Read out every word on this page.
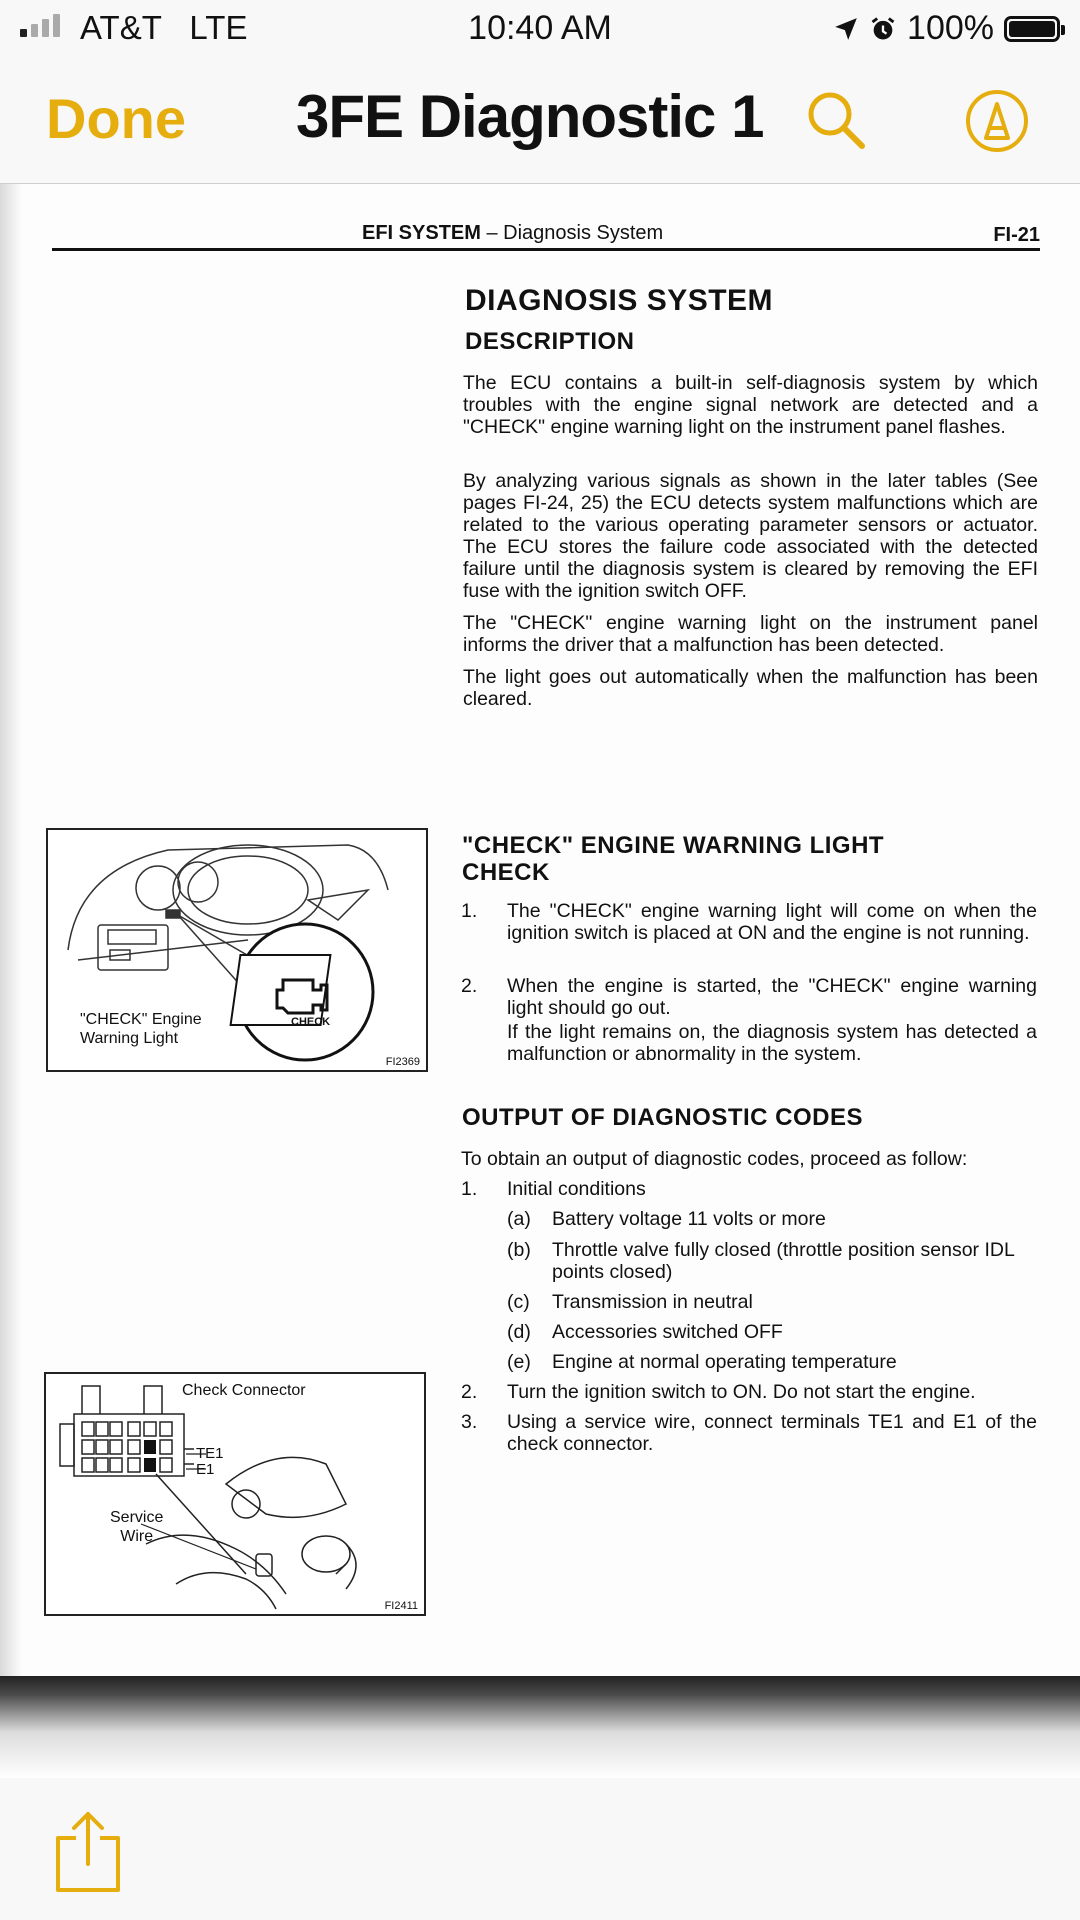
AT&T LTE	10:40 AM	100%
Done 3FE Diagnostic 1
EFI SYSTEM – Diagnosis System	FI-21
DIAGNOSIS SYSTEM
DESCRIPTION

The ECU contains a built-in self-diagnosis system by which troubles with the engine signal network are detected and a "CHECK" engine warning light on the instrument panel flashes.

By analyzing various signals as shown in the later tables (See pages FI-24, 25) the ECU detects system malfunctions which are related to the various operating parameter sensors or actuator. The ECU stores the failure code associated with the detected failure until the diagnosis system is cleared by removing the EFI fuse with the ignition switch OFF.

The "CHECK" engine warning light on the instrument panel informs the driver that a malfunction has been detected.

The light goes out automatically when the malfunction has been cleared.

"CHECK" Engine
Warning Light
CHECK
FI2369
"CHECK" ENGINE WARNING LIGHT
CHECK
1. The "CHECK" engine warning light will come on when the ignition switch is placed at ON and the engine is not running.

2. When the engine is started, the "CHECK" engine warning light should go out.

If the light remains on, the diagnosis system has detected a malfunction or abnormality in the system.

OUTPUT OF DIAGNOSTIC CODES
To obtain an output of diagnostic codes, proceed as follow:
1. Initial conditions
(a) Battery voltage 11 volts or more

(b) Throttle valve fully closed (throttle position sensor IDL points closed)

(c) Transmission in neutral

(d) Accessories switched OFF

(e) Engine at normal operating temperature

2. Turn the ignition switch to ON. Do not start the engine.

3. Using a service wire, connect terminals TE1 and E1 of the check connector.

Check Connector
TE1
E1
Service
Wire
FI2411
